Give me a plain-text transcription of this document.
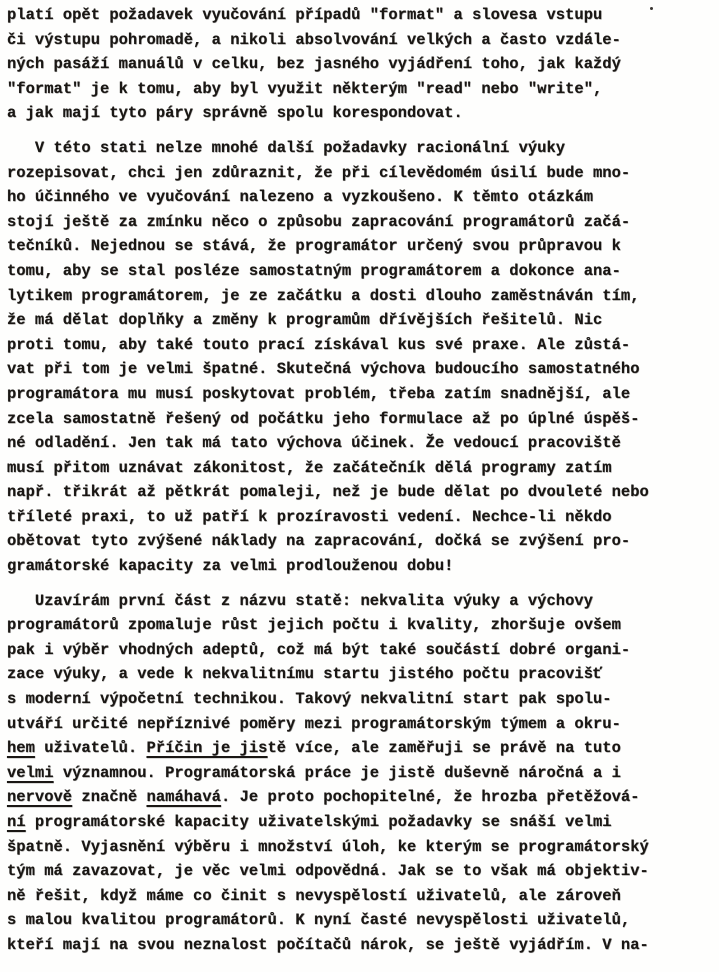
platí opět požadavek vyučování případů "format" a slovesa vstupu
či výstupu pohromadě, a nikoli absolvování velkých a často vzdále-
ných pasáží manuálů v celku, bez jasného vyjádření toho, jak každý
"format" je k tomu, aby byl využit některým "read" nebo "write",
a jak mají tyto páry správně spolu korespondovat.
V této stati nelze mnohé další požadavky racionální výuky
rozepisovat, chci jen zdůraznit, že při cílevědomém úsilí bude mno-
ho účinného ve vyučování nalezeno a vyzkoušeno. K těmto otázkám
stojí ještě za zmínku něco o způsobu zapracování programátorů začá-
tečníků. Nejednou se stává, že programátor určený svou průpravou k
tomu, aby se stal posléze samostatným programátorem a dokonce ana-
lytikem programátorem, je ze začátku a dosti dlouho zaměstnáván tím,
že má dělat doplňky a změny k programům dřívějších řešitelů. Nic
proti tomu, aby také touto prací získával kus své praxe. Ale zůstá-
vat při tom je velmi špatné. Skutečná výchova budoucího samostatného
programátora mu musí poskytovat problém, třeba zatím snadnější, ale
zcela samostatně řešený od počátku jeho formulace až po úplné úspěš-
né odladění. Jen tak má tato výchova účinek. Že vedoucí pracoviště
musí přitom uznávat zákonitost, že začátečník dělá programy zatím
např. třikrát až pětkrát pomaleji, než je bude dělat po dvouleté nebo
tříleté praxi, to už patří k prozíravosti vedení. Nechce-li někdo
obětovat tyto zvýšené náklady na zapracování, dočká se zvýšení pro-
gramátorské kapacity za velmi prodlouženou dobu!
Uzavírám první část z názvu statě: nekvalita výuky a výchovy
programátorů zpomaluje růst jejich počtu i kvality, zhoršuje ovšem
pak i výběr vhodných adeptů, což má být také součástí dobré organi-
zace výuky, a vede k nekvalitnímu startu jistého počtu pracovišť
s moderní výpočetní technikou. Takový nekvalitní start pak spolu-
utváří určité nepříznivé poměry mezi programátorským týmem a okru-
hem uživatelů. Příčin je jistě více, ale zaměřuji se právě na tuto
velmi významnou. Programátorská práce je jistě duševně náročná a i
nervově značně namáhavá. Je proto pochopitelné, že hrozba přetěžová-
ní programátorské kapacity uživatelskými požadavky se snáší velmi
špatně. Vyjasnění výběru i množství úloh, ke kterým se programátorský
tým má zavazovat, je věc velmi odpovědná. Jak se to však má objektiv-
ně řešit, když máme co činit s nevyspělostí uživatelů, ale zároveň
s malou kvalitou programátorů. K nyní časté nevyspělosti uživatelů,
kteří mají na svou neznalost počítačů nárok, se ještě vyjádřím. V na-
